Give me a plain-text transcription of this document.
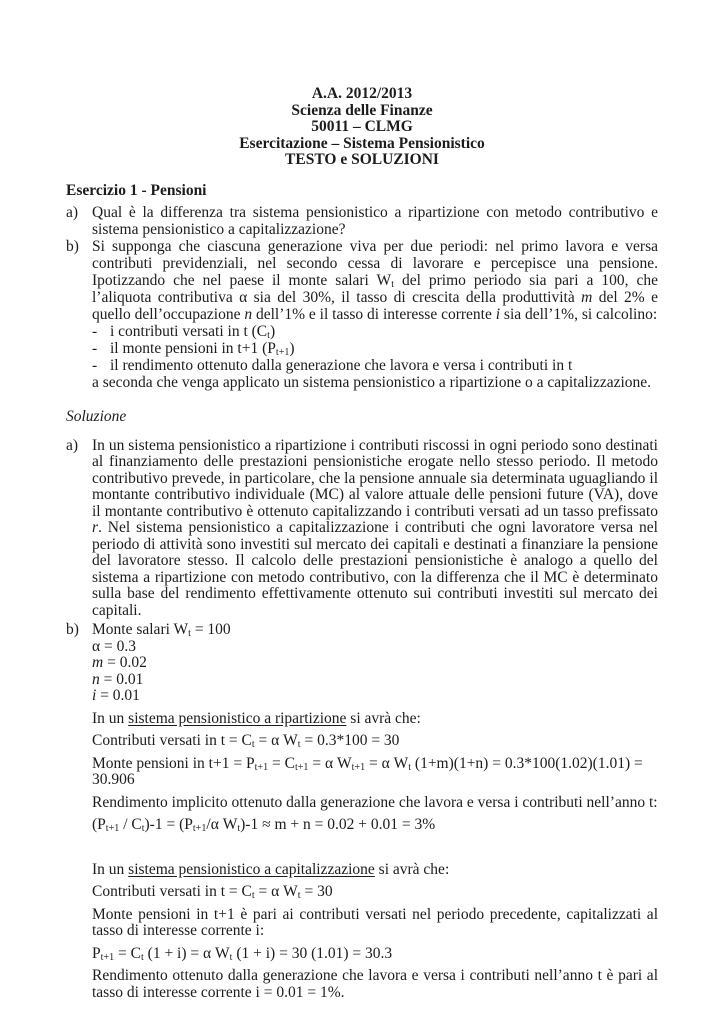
A.A. 2012/2013
Scienza delle Finanze
50011 – CLMG
Esercitazione – Sistema Pensionistico
TESTO e SOLUZIONI
Esercizio 1 - Pensioni
a) Qual è la differenza tra sistema pensionistico a ripartizione con metodo contributivo e sistema pensionistico a capitalizzazione?
b) Si supponga che ciascuna generazione viva per due periodi: nel primo lavora e versa contributi previdenziali, nel secondo cessa di lavorare e percepisce una pensione. Ipotizzando che nel paese il monte salari Wt del primo periodo sia pari a 100, che l’aliquota contributiva α sia del 30%, il tasso di crescita della produttività m del 2% e quello dell’occupazione n dell’1% e il tasso di interesse corrente i sia dell’1%, si calcolino:
- i contributi versati in t (Ct)
- il monte pensioni in t+1 (Pt+1)
- il rendimento ottenuto dalla generazione che lavora e versa i contributi in t
a seconda che venga applicato un sistema pensionistico a ripartizione o a capitalizzazione.
Soluzione
a) In un sistema pensionistico a ripartizione i contributi riscossi in ogni periodo sono destinati al finanziamento delle prestazioni pensionistiche erogate nello stesso periodo. Il metodo contributivo prevede, in particolare, che la pensione annuale sia determinata uguagliando il montante contributivo individuale (MC) al valore attuale delle pensioni future (VA), dove il montante contributivo è ottenuto capitalizzando i contributi versati ad un tasso prefissato r. Nel sistema pensionistico a capitalizzazione i contributi che ogni lavoratore versa nel periodo di attività sono investiti sul mercato dei capitali e destinati a finanziare la pensione del lavoratore stesso. Il calcolo delle prestazioni pensionistiche è analogo a quello del sistema a ripartizione con metodo contributivo, con la differenza che il MC è determinato sulla base del rendimento effettivamente ottenuto sui contributi investiti sul mercato dei capitali.
b) Monte salari Wt = 100
α = 0.3
m = 0.02
n = 0.01
i = 0.01
In un sistema pensionistico a ripartizione si avrà che:
Contributi versati in t = Ct = α Wt = 0.3*100 = 30
Monte pensioni in t+1 = Pt+1 = Ct+1 = α Wt+1 = α Wt (1+m)(1+n) = 0.3*100(1.02)(1.01) = 30.906
Rendimento implicito ottenuto dalla generazione che lavora e versa i contributi nell’anno t:
(Pt+1 / Ct)-1 = (Pt+1/α Wt)-1 ≈ m + n = 0.02 + 0.01 = 3%
In un sistema pensionistico a capitalizzazione si avrà che:
Contributi versati in t = Ct = α Wt = 30
Monte pensioni in t+1 è pari ai contributi versati nel periodo precedente, capitalizzati al tasso di interesse corrente i:
Pt+1 = Ct (1 + i) = α Wt (1 + i) = 30 (1.01) = 30.3
Rendimento ottenuto dalla generazione che lavora e versa i contributi nell’anno t è pari al tasso di interesse corrente i = 0.01 = 1%.
